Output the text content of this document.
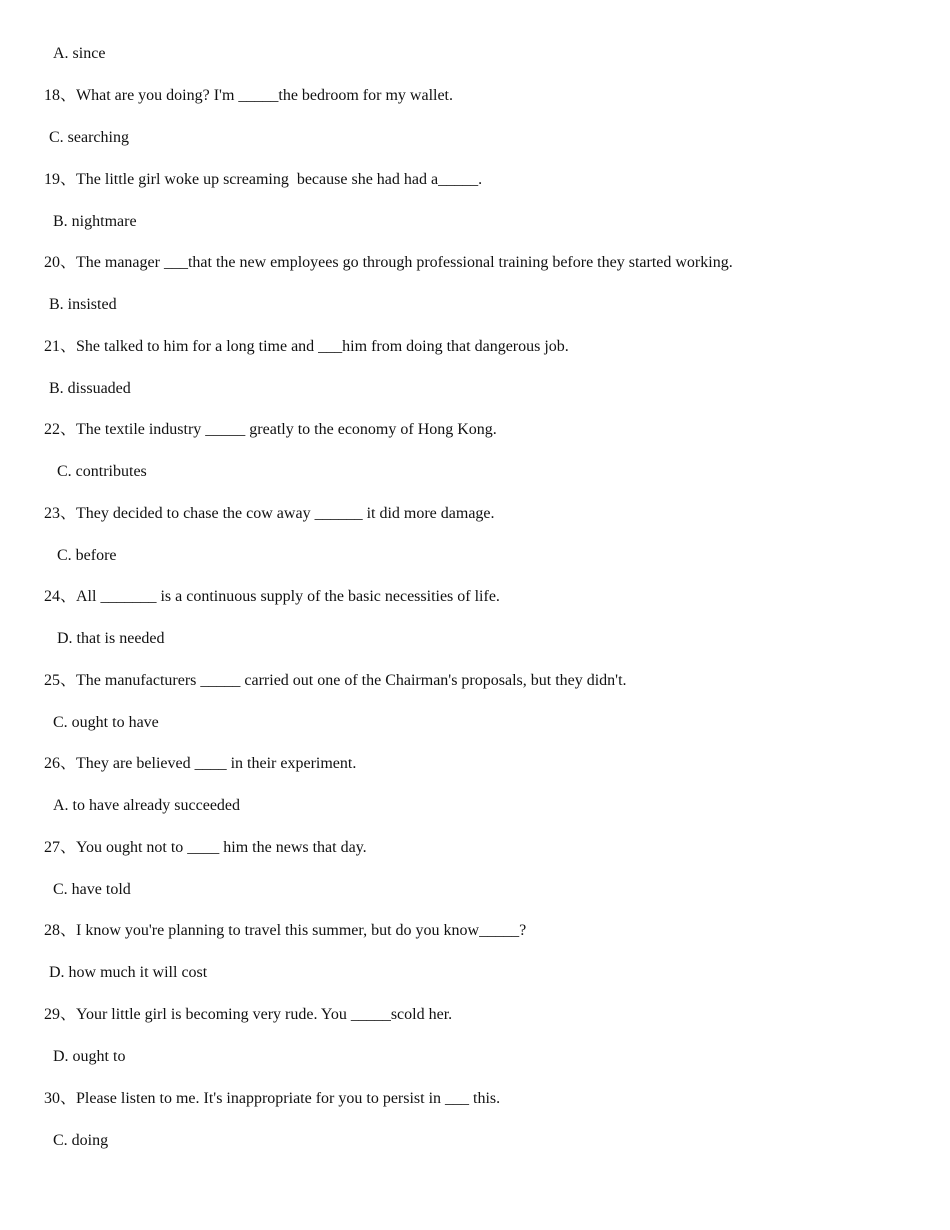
A. since
18、What are you doing? I'm _____the bedroom for my wallet.
C. searching
19、The little girl woke up screaming  because she had had a_____.
B. nightmare
20、The manager ___that the new employees go through professional training before they started working.
B. insisted
21、She talked to him for a long time and ___him from doing that dangerous job.
B. dissuaded
22、The textile industry _____ greatly to the economy of Hong Kong.
C. contributes
23、They decided to chase the cow away ______ it did more damage.
C. before
24、All _______ is a continuous supply of the basic necessities of life.
D. that is needed
25、The manufacturers _____ carried out one of the Chairman's proposals, but they didn't.
C. ought to have
26、They are believed ____ in their experiment.
A. to have already succeeded
27、You ought not to ____ him the news that day.
C. have told
28、I know you're planning to travel this summer, but do you know_____?
D. how much it will cost
29、Your little girl is becoming very rude. You _____scold her.
D. ought to
30、Please listen to me. It's inappropriate for you to persist in ___ this.
C. doing
